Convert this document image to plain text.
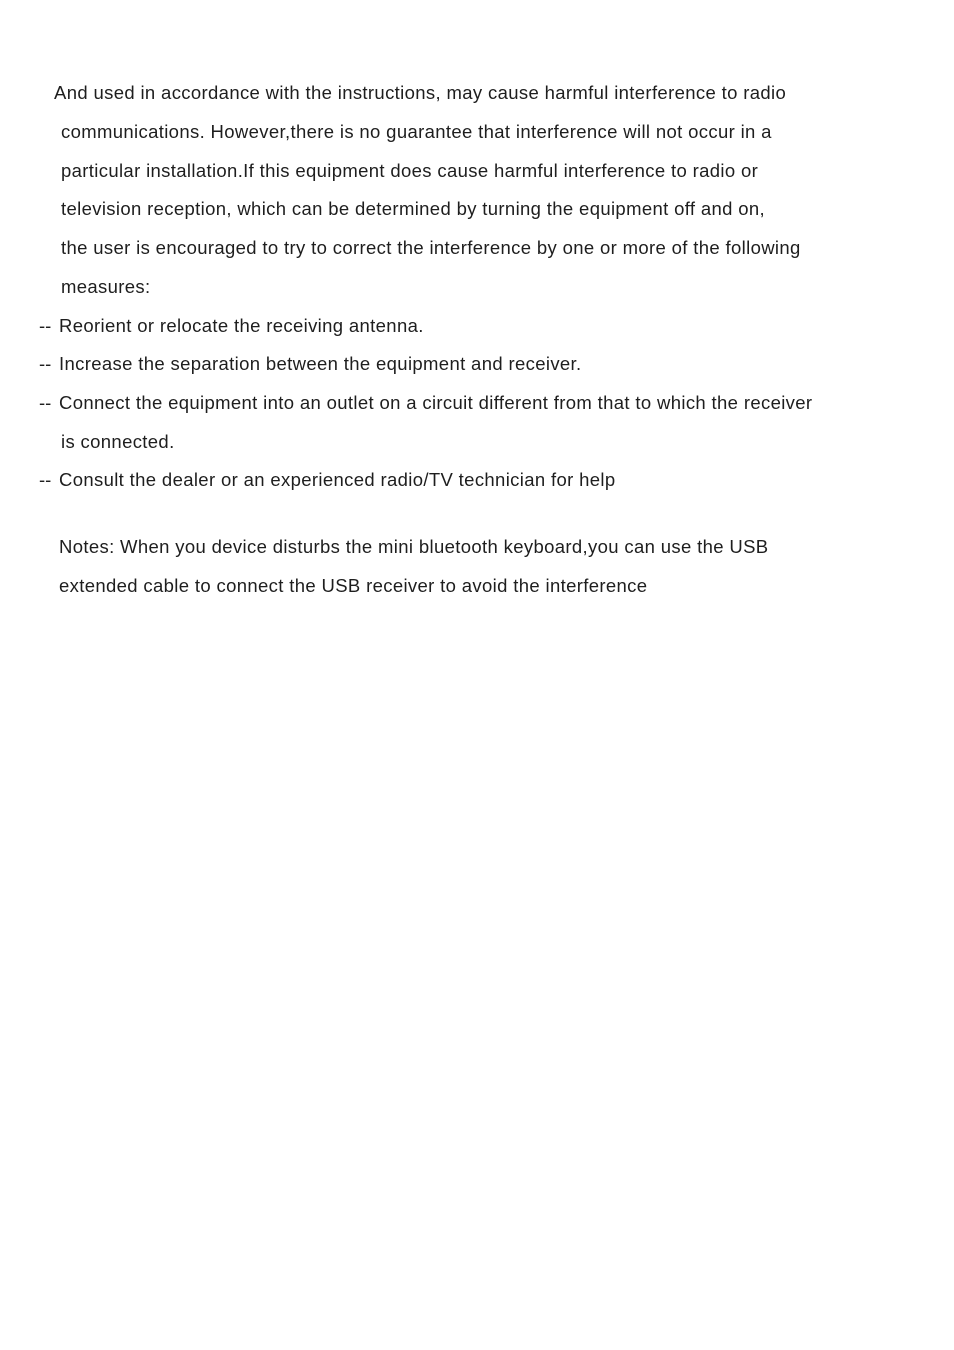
And used in accordance with the instructions, may cause harmful interference to radio
communications. However,there is no guarantee that interference will not occur in a
particular installation.If this equipment does cause harmful interference to radio or
television reception, which can be determined by turning the equipment off and on,
the user is encouraged to try to correct the interference by one or more of the following
measures:
-- Reorient or relocate the receiving antenna.
-- Increase the separation between the equipment and receiver.
-- Connect the equipment into an outlet on a circuit different from that to which the receiver
is connected.
-- Consult the dealer or an experienced radio/TV technician for help
Notes: When you device disturbs the mini bluetooth keyboard,you can use the USB
extended cable to connect the USB receiver to avoid the interference
